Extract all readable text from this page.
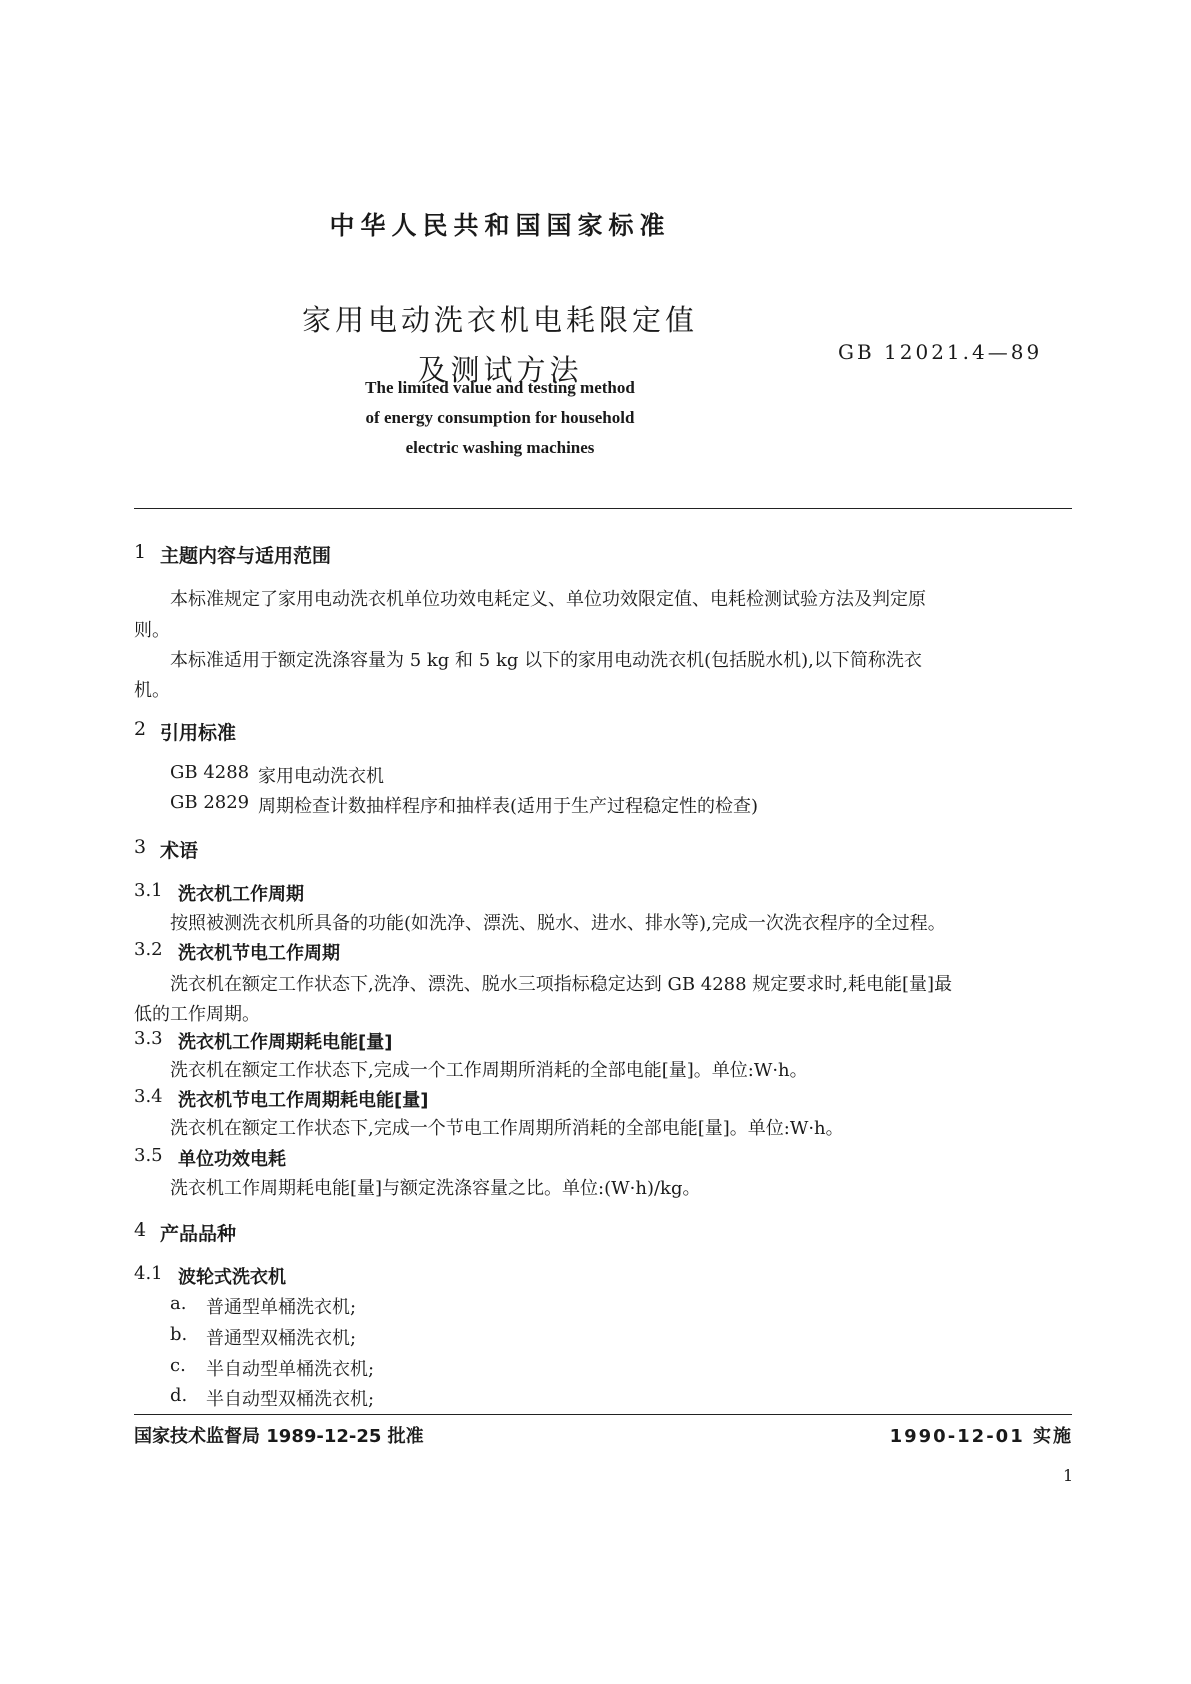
中华人民共和国国家标准
家用电动洗衣机电耗限定值
及测试方法
GB 12021.4—89
The limited value and testing method
of energy consumption for household
electric washing machines
1 主题内容与适用范围
本标准规定了家用电动洗衣机单位功效电耗定义、单位功效限定值、电耗检测试验方法及判定原
则。
本标准适用于额定洗涤容量为 5 kg 和 5 kg 以下的家用电动洗衣机(包括脱水机),以下简称洗衣
机。
2 引用标准
GB 4288 家用电动洗衣机
GB 2829 周期检查计数抽样程序和抽样表(适用于生产过程稳定性的检查)
3 术语
3.1 洗衣机工作周期
按照被测洗衣机所具备的功能(如洗净、漂洗、脱水、进水、排水等),完成一次洗衣程序的全过程。
3.2 洗衣机节电工作周期
洗衣机在额定工作状态下,洗净、漂洗、脱水三项指标稳定达到 GB 4288 规定要求时,耗电能[量]最
低的工作周期。
3.3 洗衣机工作周期耗电能[量]
洗衣机在额定工作状态下,完成一个工作周期所消耗的全部电能[量]。单位:W·h。
3.4 洗衣机节电工作周期耗电能[量]
洗衣机在额定工作状态下,完成一个节电工作周期所消耗的全部电能[量]。单位:W·h。
3.5 单位功效电耗
洗衣机工作周期耗电能[量]与额定洗涤容量之比。单位:(W·h)/kg。
4 产品品种
4.1 波轮式洗衣机
a. 普通型单桶洗衣机;
b. 普通型双桶洗衣机;
c. 半自动型单桶洗衣机;
d. 半自动型双桶洗衣机;
国家技术监督局 1989-12-25 批准	1990-12-01 实施
1
